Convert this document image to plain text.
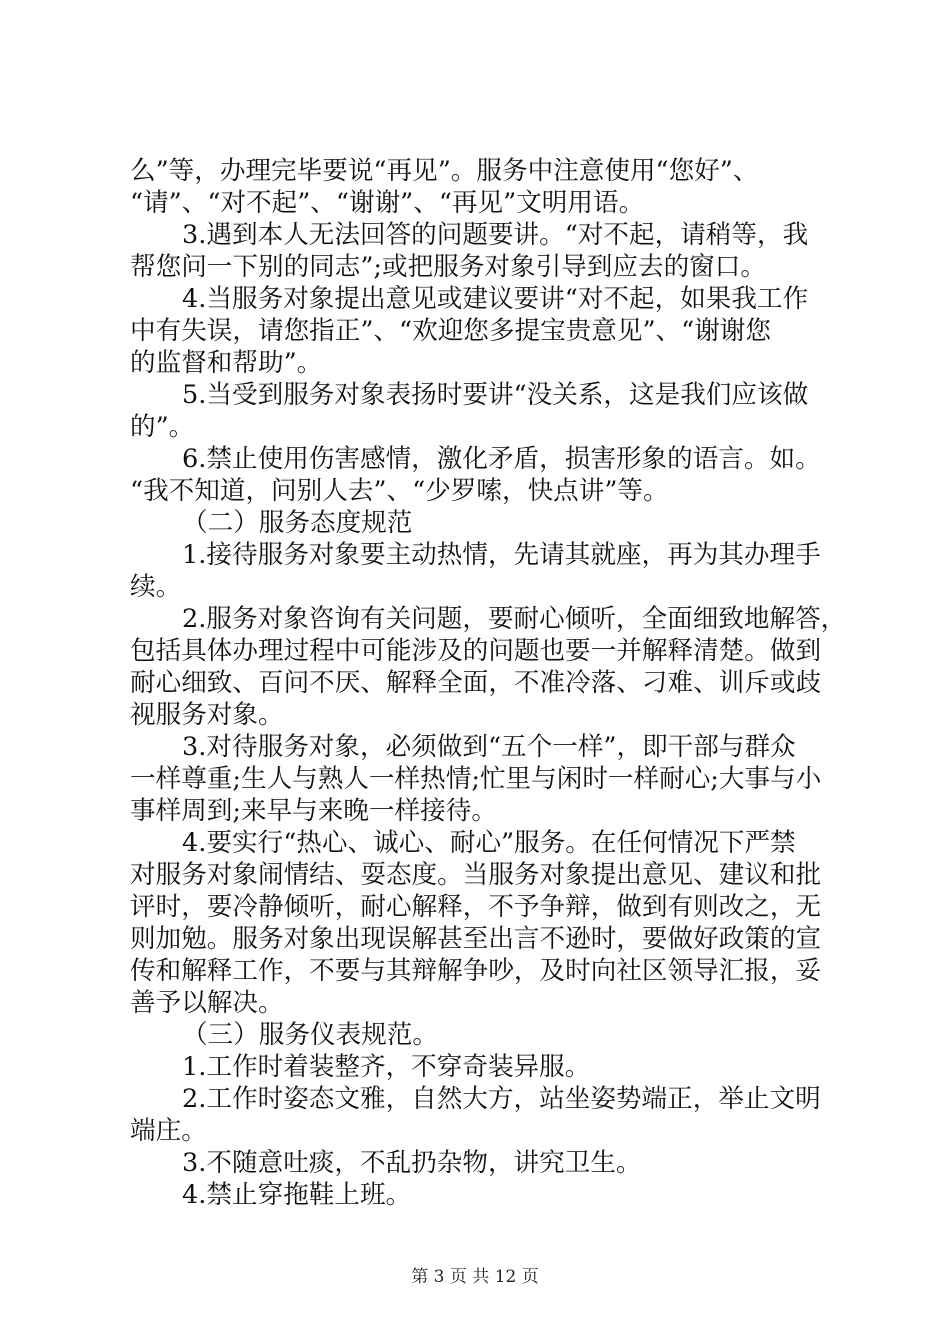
么”等，办理完毕要说“再见”。服务中注意使用“您好”、
“请”、“对不起”、“谢谢”、“再见”文明用语。
3.遇到本人无法回答的问题要讲。“对不起，请稍等，我
帮您问一下别的同志”;或把服务对象引导到应去的窗口。
4.当服务对象提出意见或建议要讲“对不起，如果我工作
中有失误，请您指正”、“欢迎您多提宝贵意见”、“谢谢您
的监督和帮助”。
5.当受到服务对象表扬时要讲“没关系，这是我们应该做
的”。
6.禁止使用伤害感情，激化矛盾，损害形象的语言。如。
“我不知道，问别人去”、“少罗嗦，快点讲”等。
（二）服务态度规范
1.接待服务对象要主动热情，先请其就座，再为其办理手
续。
2.服务对象咨询有关问题，要耐心倾听，全面细致地解答，
包括具体办理过程中可能涉及的问题也要一并解释清楚。做到
耐心细致、百问不厌、解释全面，不准冷落、刁难、训斥或歧
视服务对象。
3.对待服务对象，必须做到“五个一样”，即干部与群众
一样尊重;生人与熟人一样热情;忙里与闲时一样耐心;大事与小
事样周到;来早与来晚一样接待。
4.要实行“热心、诚心、耐心”服务。在任何情况下严禁
对服务对象闹情结、耍态度。当服务对象提出意见、建议和批
评时，要冷静倾听，耐心解释，不予争辩，做到有则改之，无
则加勉。服务对象出现误解甚至出言不逊时，要做好政策的宣
传和解释工作，不要与其辩解争吵，及时向社区领导汇报，妥
善予以解决。
（三）服务仪表规范。
1.工作时着装整齐，不穿奇装异服。
2.工作时姿态文雅，自然大方，站坐姿势端正，举止文明
端庄。
3.不随意吐痰，不乱扔杂物，讲究卫生。
4.禁止穿拖鞋上班。
第 3 页 共 12 页
